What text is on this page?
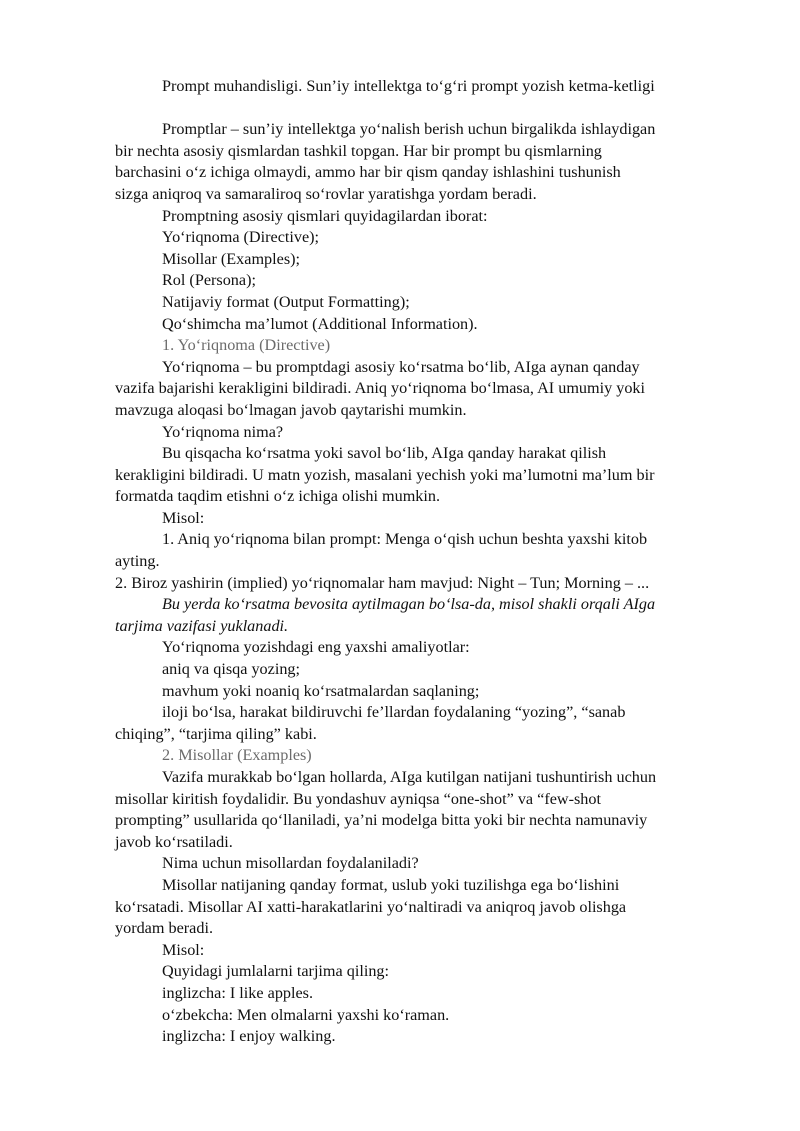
Prompt muhandisligi. Sun’iy intellektga to‘g‘ri prompt yozish ketma-ketligi

Promptlar – sun’iy intellektga yo‘nalish berish uchun birgalikda ishlaydigan

bir nechta asosiy qismlardan tashkil topgan. Har bir prompt bu qismlarning

barchasini o‘z ichiga olmaydi, ammo har bir qism qanday ishlashini tushunish

sizga aniqroq va samaraliroq so‘rovlar yaratishga yordam beradi.

Promptning asosiy qismlari quyidagilardan iborat:

Yo‘riqnoma (Directive);

Misollar (Examples);

Rol (Persona);

Natijaviy format (Output Formatting);

Qo‘shimcha ma’lumot (Additional Information).

1. Yo‘riqnoma (Directive)

Yo‘riqnoma – bu promptdagi asosiy ko‘rsatma bo‘lib, AIga aynan qanday

vazifa bajarishi kerakligini bildiradi. Aniq yo‘riqnoma bo‘lmasa, AI umumiy yoki

mavzuga aloqasi bo‘lmagan javob qaytarishi mumkin.

Yo‘riqnoma nima?

Bu qisqacha ko‘rsatma yoki savol bo‘lib, AIga qanday harakat qilish

kerakligini bildiradi. U matn yozish, masalani yechish yoki ma’lumotni ma’lum bir

formatda taqdim etishni o‘z ichiga olishi mumkin.

Misol:

1. Aniq yo‘riqnoma bilan prompt: Menga o‘qish uchun beshta yaxshi kitob

ayting.

2. Biroz yashirin (implied) yo‘riqnomalar ham mavjud: Night – Tun; Morning – ...

Bu yerda ko‘rsatma bevosita aytilmagan bo‘lsa-da, misol shakli orqali AIga

tarjima vazifasi yuklanadi.

Yo‘riqnoma yozishdagi eng yaxshi amaliyotlar:

aniq va qisqa yozing;

mavhum yoki noaniq ko‘rsatmalardan saqlaning;

iloji bo‘lsa, harakat bildiruvchi fe’llardan foydalaning “yozing”, “sanab

chiqing”, “tarjima qiling” kabi.

2. Misollar (Examples)

Vazifa murakkab bo‘lgan hollarda, AIga kutilgan natijani tushuntirish uchun

misollar kiritish foydalidir. Bu yondashuv ayniqsa “one-shot” va “few-shot

prompting” usullarida qo‘llaniladi, ya’ni modelga bitta yoki bir nechta namunaviy

javob ko‘rsatiladi.

Nima uchun misollardan foydalaniladi?

Misollar natijaning qanday format, uslub yoki tuzilishga ega bo‘lishini

ko‘rsatadi. Misollar AI xatti-harakatlarini yo‘naltiradi va aniqroq javob olishga

yordam beradi.

Misol:

Quyidagi jumlalarni tarjima qiling:

inglizcha: I like apples.

o‘zbekcha: Men olmalarni yaxshi ko‘raman.

inglizcha: I enjoy walking.
